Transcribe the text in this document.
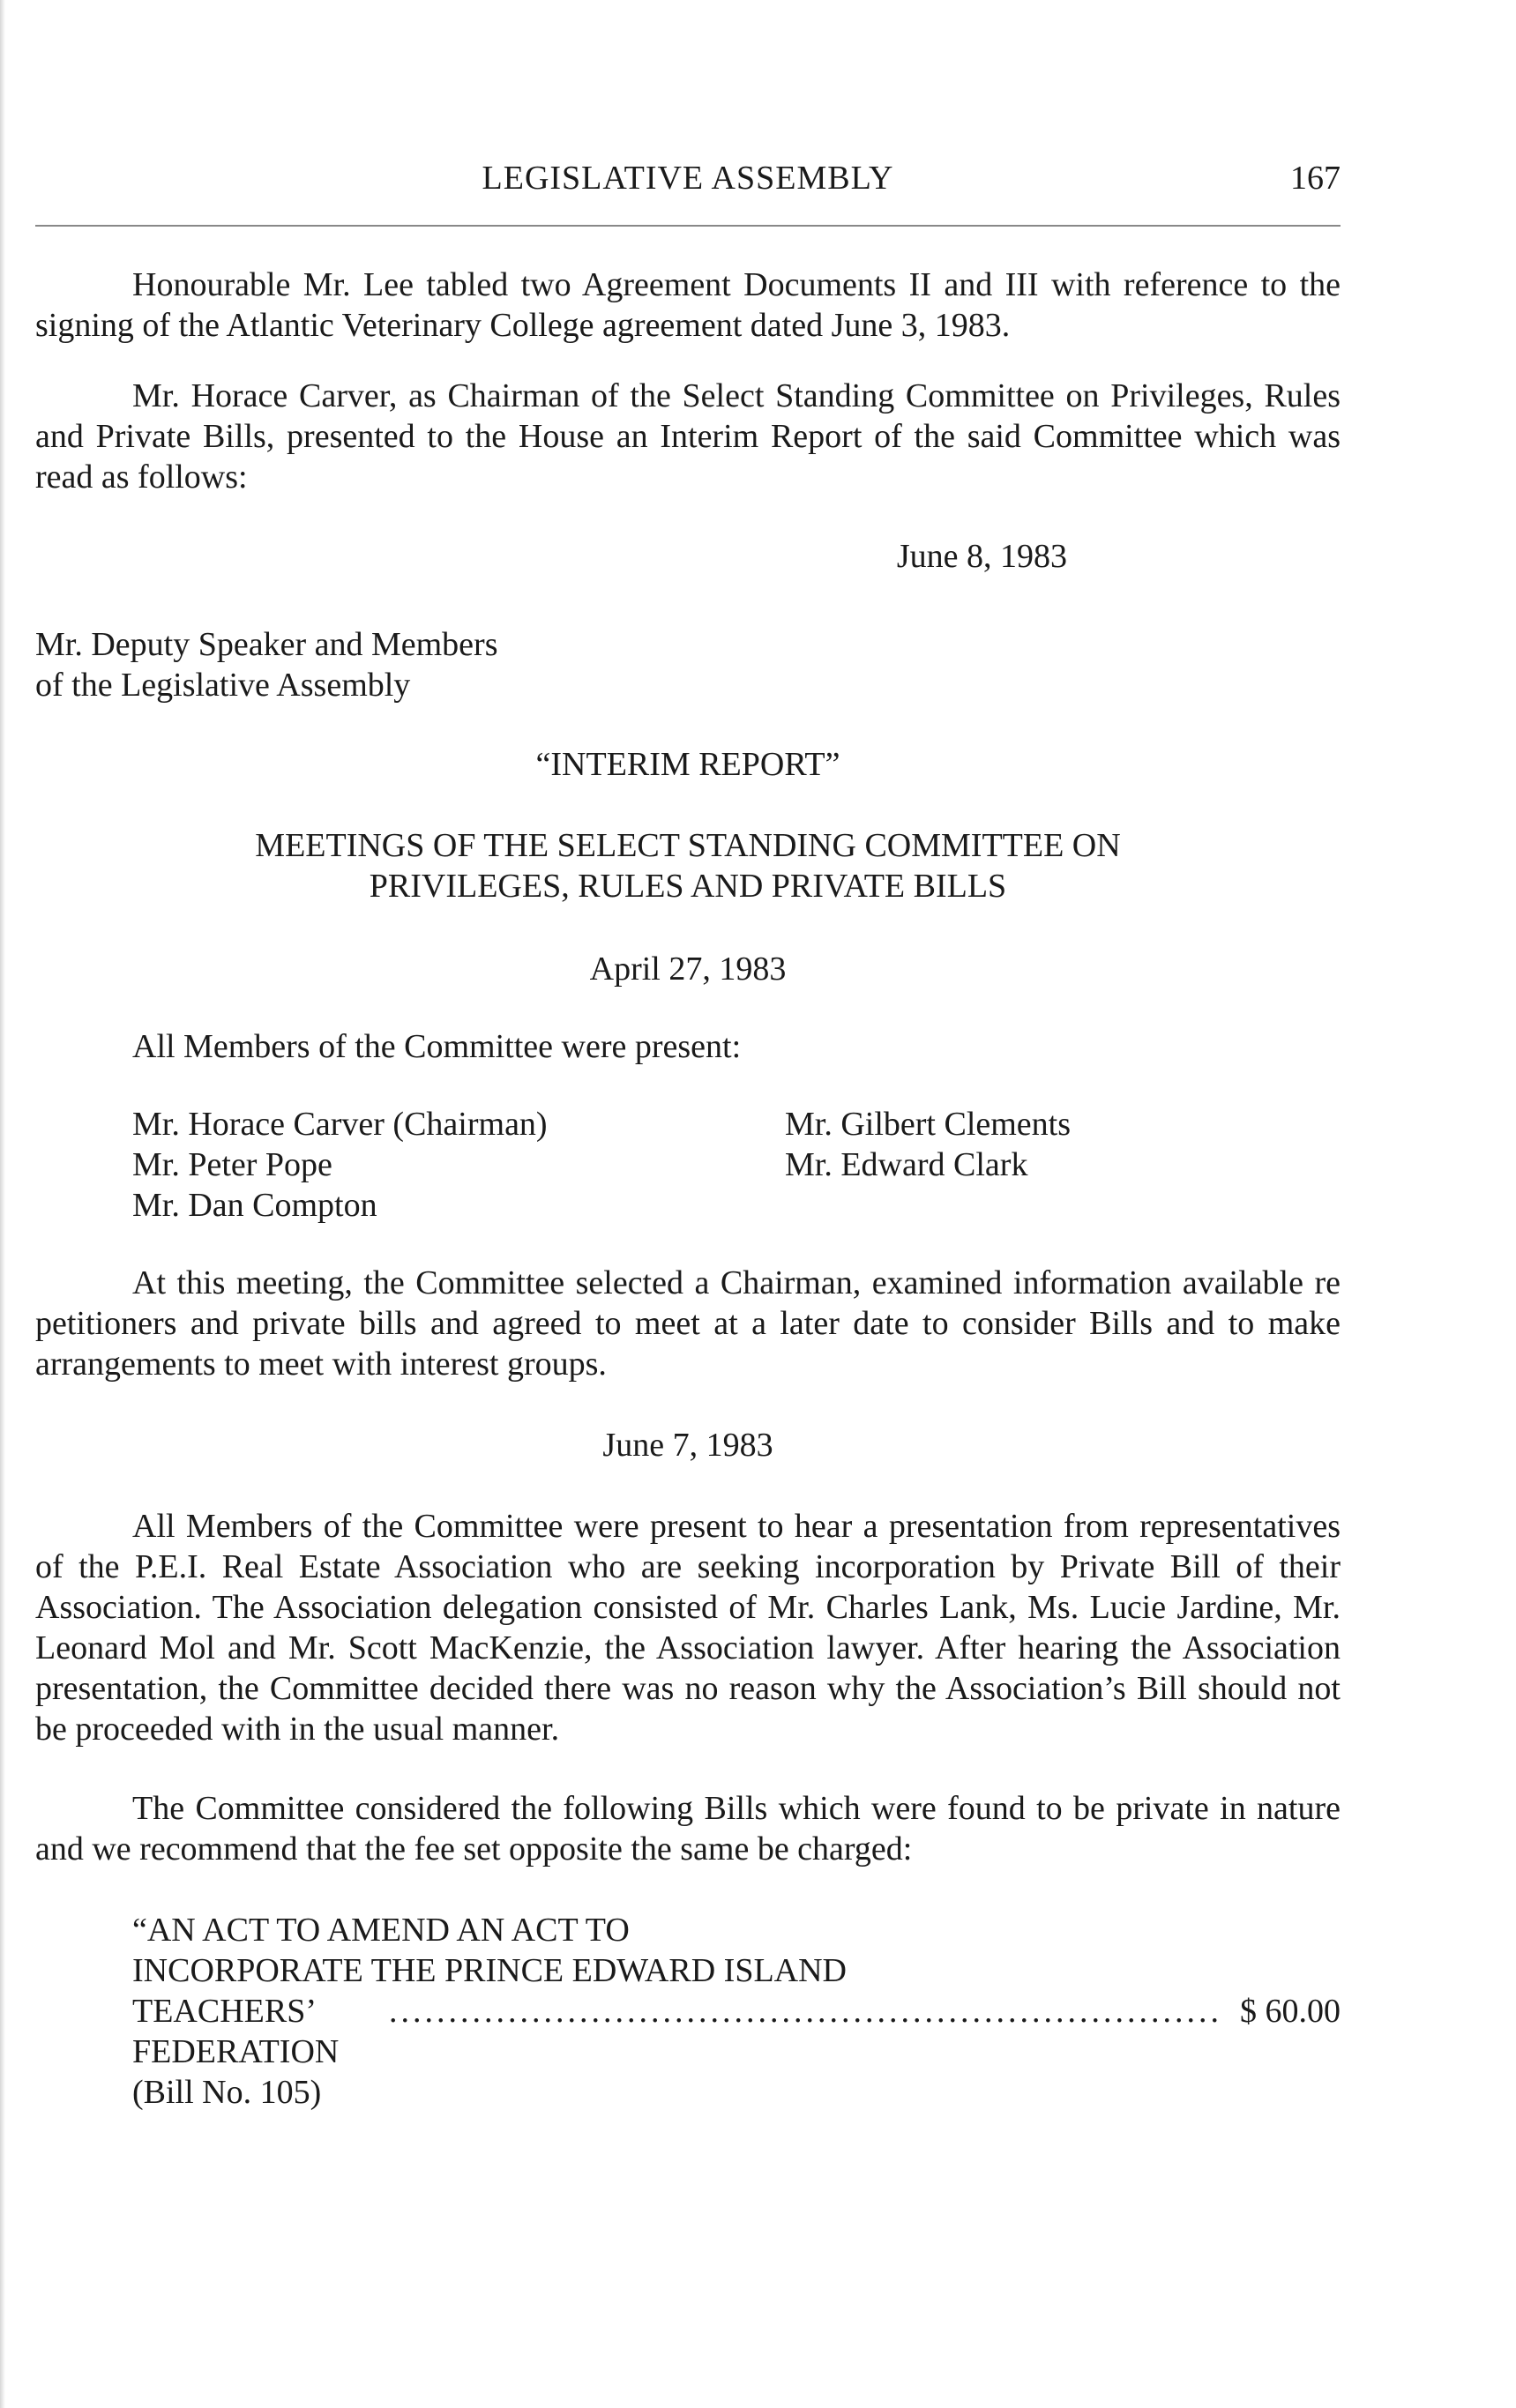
LEGISLATIVE ASSEMBLY	167

Honourable Mr. Lee tabled two Agreement Documents II and III with reference to the signing of the Atlantic Veterinary College agreement dated June 3, 1983.

Mr. Horace Carver, as Chairman of the Select Standing Committee on Privileges, Rules and Private Bills, presented to the House an Interim Report of the said Committee which was read as follows:

June 8, 1983

Mr. Deputy Speaker and Members

of the Legislative Assembly

“INTERIM REPORT”

MEETINGS OF THE SELECT STANDING COMMITTEE ON

PRIVILEGES, RULES AND PRIVATE BILLS

April 27, 1983

All Members of the Committee were present:

Mr. Horace Carver (Chairman)
Mr. Peter Pope
Mr. Dan Compton
Mr. Gilbert Clements
Mr. Edward Clark

At this meeting, the Committee selected a Chairman, examined information available re petitioners and private bills and agreed to meet at a later date to consider Bills and to make arrangements to meet with interest groups.

June 7, 1983

All Members of the Committee were present to hear a presentation from representatives of the P.E.I. Real Estate Association who are seeking incorporation by Private Bill of their Association. The Association delegation consisted of Mr. Charles Lank, Ms. Lucie Jardine, Mr. Leonard Mol and Mr. Scott MacKenzie, the Association lawyer. After hearing the Association presentation, the Committee decided there was no reason why the Association’s Bill should not be proceeded with in the usual manner.

The Committee considered the following Bills which were found to be private in nature and we recommend that the fee set opposite the same be charged:

“AN ACT TO AMEND AN ACT TO

INCORPORATE THE PRINCE EDWARD ISLAND

TEACHERS’ FEDERATION (Bill No. 105)
...................................................................... $ 60.00
